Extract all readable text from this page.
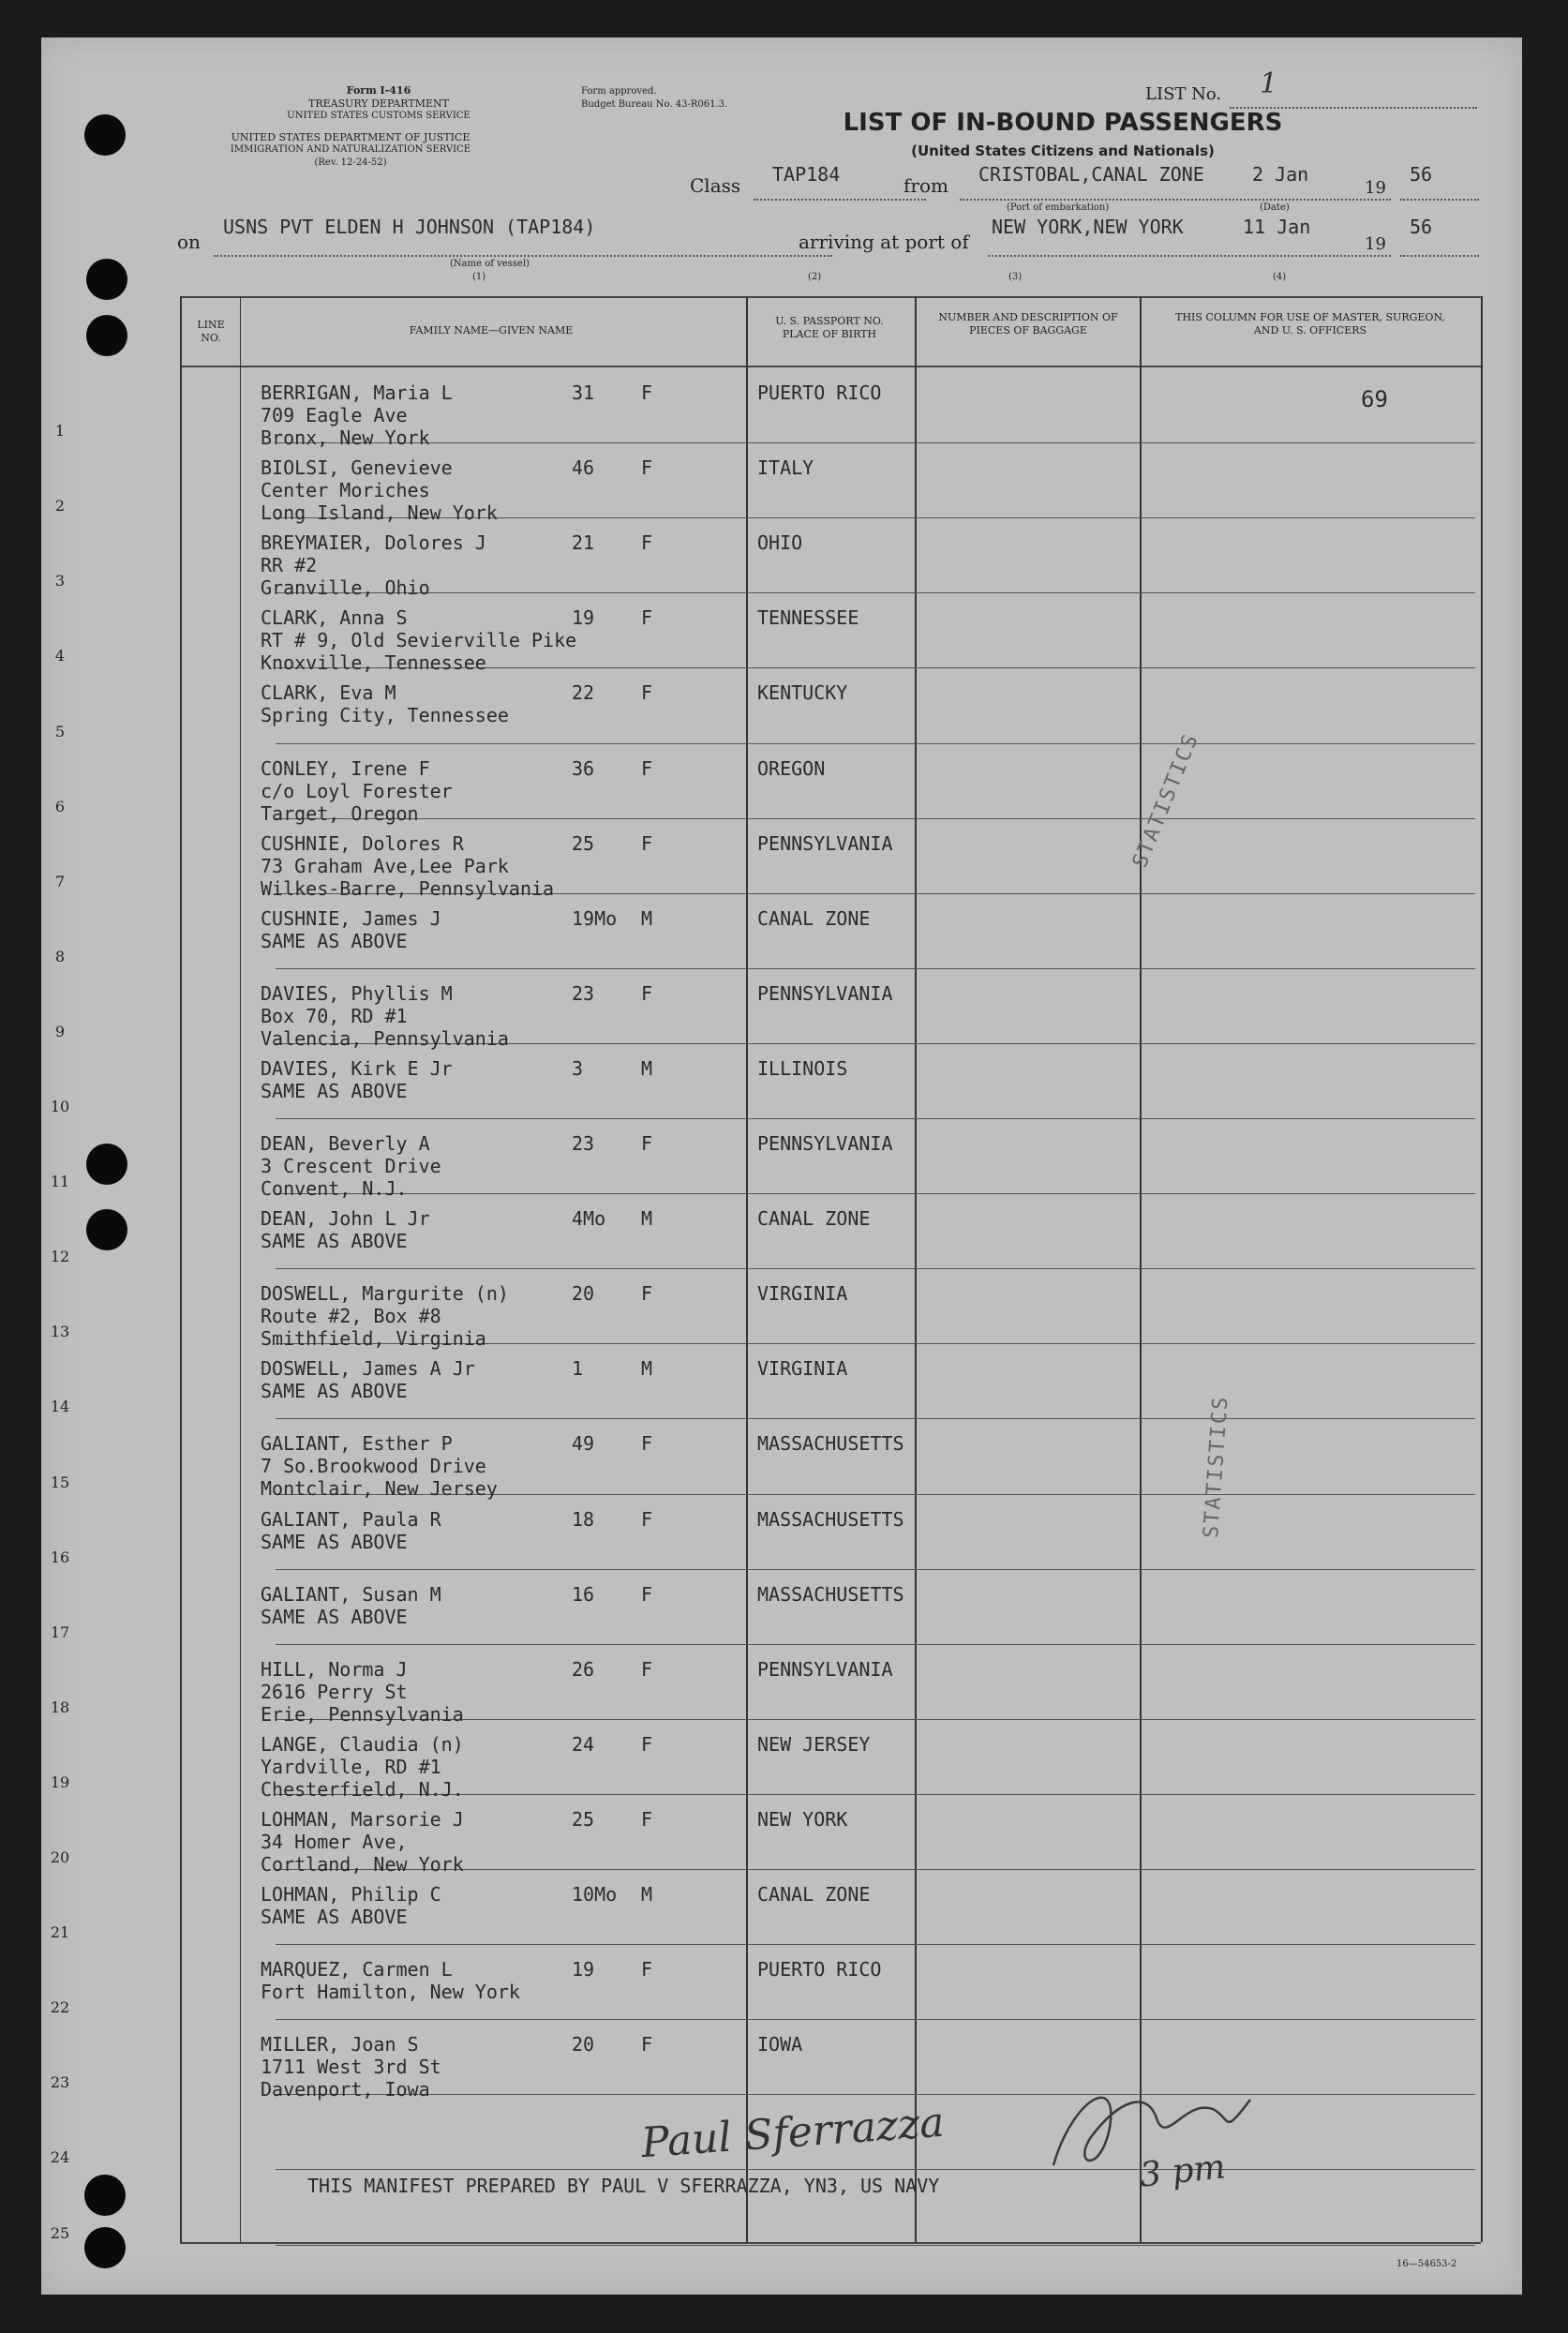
Form I-416
TREASURY DEPARTMENT
UNITED STATES CUSTOMS SERVICE
UNITED STATES DEPARTMENT OF JUSTICE
IMMIGRATION AND NATURALIZATION SERVICE
(Rev. 12-24-52)
Form approved.
Budget Bureau No. 43-R061.3.
LIST No. 1
LIST OF IN-BOUND PASSENGERS
(United States Citizens and Nationals)
Class TAP184	from CRISTOBAL,CANAL ZONE	2 Jan
19
56
(Port of embarkation)	(Date)
on
USNS PVT ELDEN H JOHNSON (TAP184)
arriving at port of
NEW YORK,NEW YORK	11 Jan
19
56
(Name of vessel)
(1)	(2)	(3)	(4)
LINE NO.
FAMILY NAME—GIVEN NAME
U. S. PASSPORT NO. PLACE OF BIRTH
NUMBER AND DESCRIPTION OF PIECES OF BAGGAGE
THIS COLUMN FOR USE OF MASTER, SURGEON, AND U. S. OFFICERS
1
BERRIGAN, Maria L
709 Eagle Ave
Bronx, New York
31 F	PUERTO RICO
2
BIOLSI, Genevieve
Center Moriches
Long Island, New York
46 F	ITALY
3
BREYMAIER, Dolores J
RR #2
Granville, Ohio
21 F	OHIO
4
CLARK, Anna S
RT # 9, Old Sevierville Pike
Knoxville, Tennessee
19 F	TENNESSEE
5
CLARK, Eva M
Spring City, Tennessee
22 F	KENTUCKY
6
CONLEY, Irene F
c/o Loyl Forester
Target, Oregon
36 F	OREGON
7
CUSHNIE, Dolores R
73 Graham Ave,Lee Park
Wilkes-Barre, Pennsylvania
25 F	PENNSYLVANIA
8
CUSHNIE, James J
SAME AS ABOVE
19Mo M	CANAL ZONE
9
DAVIES, Phyllis M
Box 70, RD #1
Valencia, Pennsylvania
23 F	PENNSYLVANIA
10
DAVIES, Kirk E Jr
SAME AS ABOVE
3	M	ILLINOIS
11
DEAN, Beverly A
3 Crescent Drive
Convent, N.J.
23 F	PENNSYLVANIA
12
DEAN, John L Jr
SAME AS ABOVE
4Mo M	CANAL ZONE
13
DOSWELL, Margurite (n)
Route #2, Box #8
Smithfield, Virginia
20 F	VIRGINIA
14
DOSWELL, James A Jr
SAME AS ABOVE
1	M	VIRGINIA
15
GALIANT, Esther P
7 So.Brookwood Drive
Montclair, New Jersey
49 F	MASSACHUSETTS
16
GALIANT, Paula R
SAME AS ABOVE
18 F	MASSACHUSETTS
17
GALIANT, Susan M
SAME AS ABOVE
16 F	MASSACHUSETTS
18
HILL, Norma J
2616 Perry St
Erie, Pennsylvania
26 F	PENNSYLVANIA
19
LANGE, Claudia (n)
Yardville, RD #1
Chesterfield, N.J.
24 F	NEW JERSEY
20
LOHMAN, Marsorie J
34 Homer Ave,
Cortland, New York
25 F	NEW YORK
21
LOHMAN, Philip C
SAME AS ABOVE
10Mo M	CANAL ZONE
22
MARQUEZ, Carmen L
Fort Hamilton, New York
19 F	PUERTO RICO
23
MILLER, Joan S
1711 West 3rd St
Davenport, Iowa
20 F	IOWA
24
25
69
STATISTICS
STATISTICS
THIS MANIFEST PREPARED BY PAUL V SFERRAZZA, YN3, US NAVY
Paul Sferrazza
3 pm
16—54653-2
